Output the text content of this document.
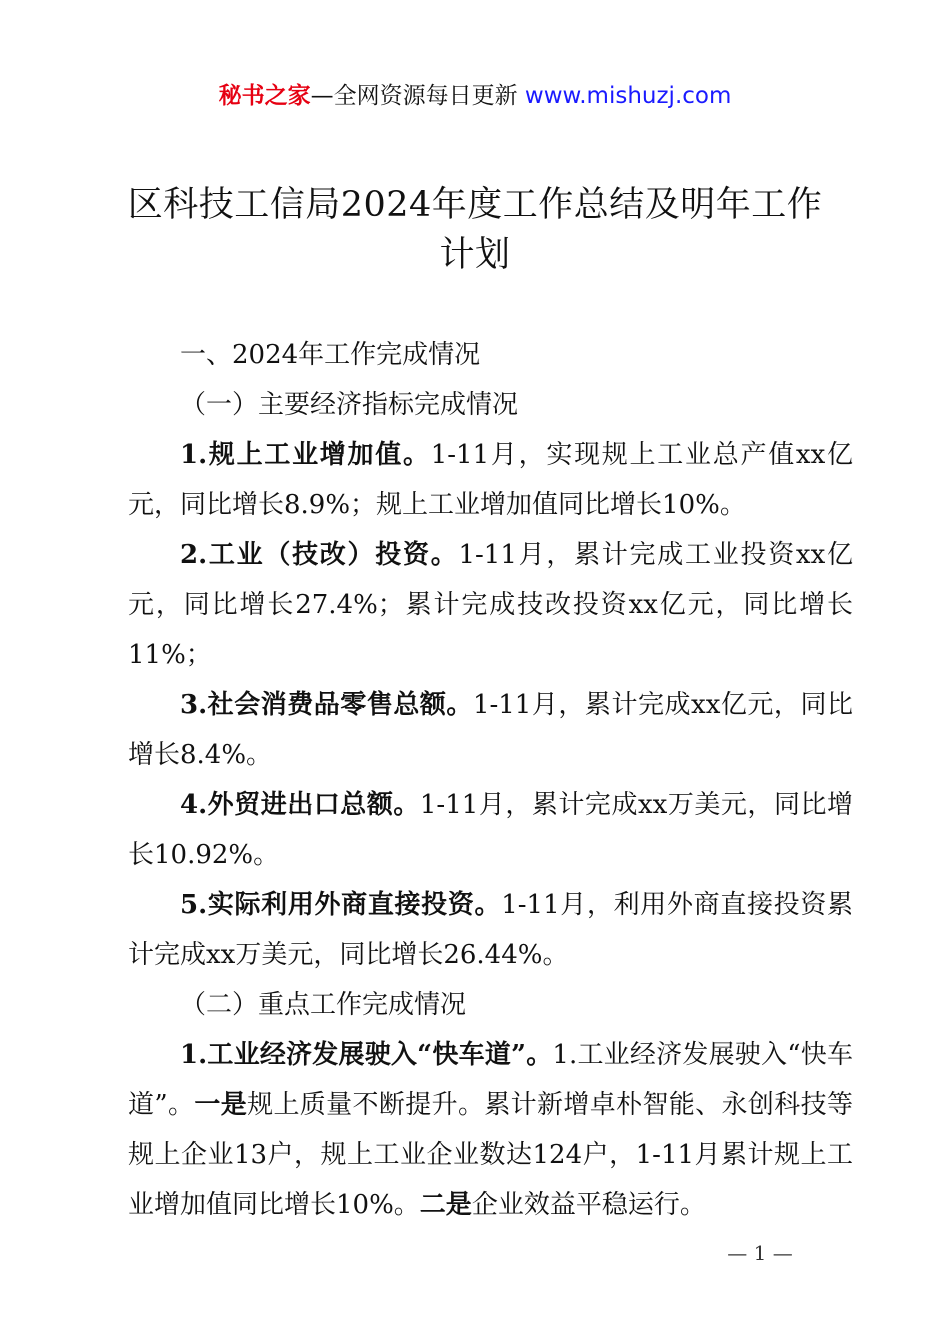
秘书之家—全网资源每日更新 www.mishuzj.com
区科技工信局2024年度工作总结及明年工作计划

一、2024年工作完成情况

（一）主要经济指标完成情况

1.规上工业增加值。1-11月，实现规上工业总产值xx亿元，同比增长8.9%；规上工业增加值同比增长10%。

2.工业（技改）投资。1-11月，累计完成工业投资xx亿元，同比增长27.4%；累计完成技改投资xx亿元，同比增长11%；

3.社会消费品零售总额。1-11月，累计完成xx亿元，同比增长8.4%。

4.外贸进出口总额。1-11月，累计完成xx万美元，同比增长10.92%。

5.实际利用外商直接投资。1-11月，利用外商直接投资累计完成xx万美元，同比增长26.44%。

（二）重点工作完成情况

1.工业经济发展驶入“快车道”。1.工业经济发展驶入“快车道”。一是规上质量不断提升。累计新增卓朴智能、永创科技等规上企业13户，规上工业企业数达124户，1-11月累计规上工业增加值同比增长10%。二是企业效益平稳运行。

— 1 —
